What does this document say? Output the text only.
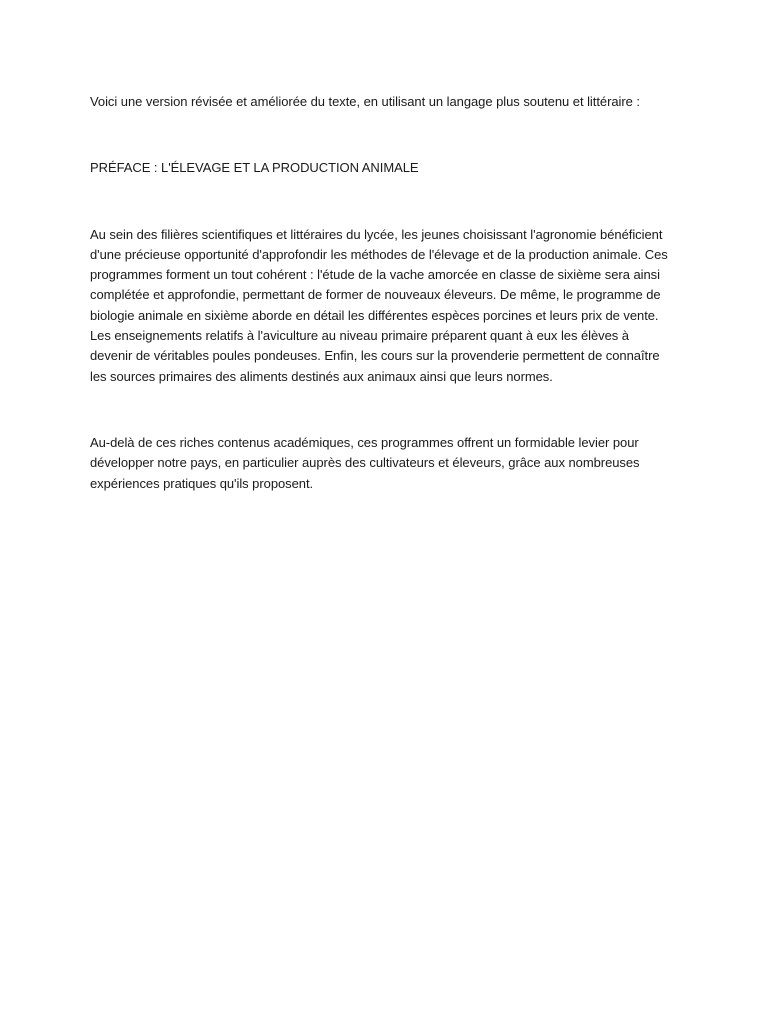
Voici une version révisée et améliorée du texte, en utilisant un langage plus soutenu et littéraire :

PRÉFACE : L'ÉLEVAGE ET LA PRODUCTION ANIMALE

Au sein des filières scientifiques et littéraires du lycée, les jeunes choisissant l'agronomie bénéficient d'une précieuse opportunité d'approfondir les méthodes de l'élevage et de la production animale. Ces programmes forment un tout cohérent : l'étude de la vache amorcée en classe de sixième sera ainsi complétée et approfondie, permettant de former de nouveaux éleveurs. De même, le programme de biologie animale en sixième aborde en détail les différentes espèces porcines et leurs prix de vente. Les enseignements relatifs à l'aviculture au niveau primaire préparent quant à eux les élèves à devenir de véritables poules pondeuses. Enfin, les cours sur la provenderie permettent de connaître les sources primaires des aliments destinés aux animaux ainsi que leurs normes.

Au-delà de ces riches contenus académiques, ces programmes offrent un formidable levier pour développer notre pays, en particulier auprès des cultivateurs et éleveurs, grâce aux nombreuses expériences pratiques qu'ils proposent.
